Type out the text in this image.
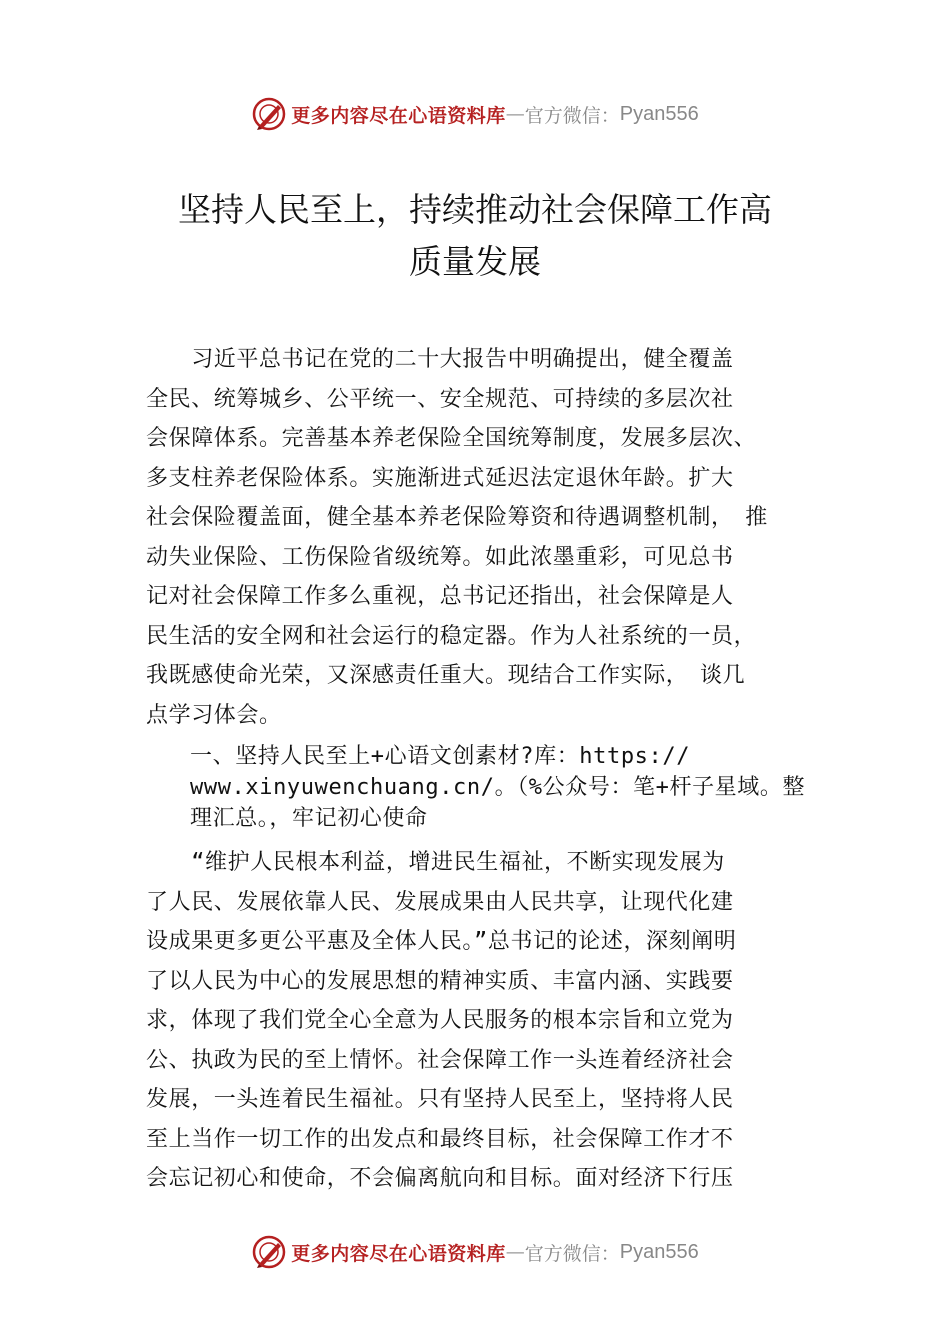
更多内容尽在心语资料库 — 官方微信： Pyan556
坚持人民至上，持续推动社会保障工作高
质量发展
　　习近平总书记在党的二十大报告中明确提出，健全覆盖
全民、统筹城乡、公平统一、安全规范、可持续的多层次社
会保障体系。完善基本养老保险全国统筹制度，发展多层次、
多支柱养老保险体系。实施渐进式延迟法定退休年龄。扩大
社会保险覆盖面，健全基本养老保险筹资和待遇调整机制，　推
动失业保险、工伤保险省级统筹。如此浓墨重彩，可见总书
记对社会保障工作多么重视，总书记还指出，社会保障是人
民生活的安全网和社会运行的稳定器。作为人社系统的一员，
我既感使命光荣，又深感责任重大。现结合工作实际，　谈几
点学习体会。
一、坚持人民至上+心语文创素材?库：https://
www.xinyuwenchuang.cn/。（%公众号：笔+杆子星域。整
理汇总。，牢记初心使命
　　“维护人民根本利益，增进民生福祉，不断实现发展为
了人民、发展依靠人民、发展成果由人民共享，让现代化建
设成果更多更公平惠及全体人民。”总书记的论述，深刻阐明
了以人民为中心的发展思想的精神实质、丰富内涵、实践要
求，体现了我们党全心全意为人民服务的根本宗旨和立党为
公、执政为民的至上情怀。社会保障工作一头连着经济社会
发展，一头连着民生福祉。只有坚持人民至上，坚持将人民
至上当作一切工作的出发点和最终目标，社会保障工作才不
会忘记初心和使命，不会偏离航向和目标。面对经济下行压
更多内容尽在心语资料库 — 官方微信： Pyan556
